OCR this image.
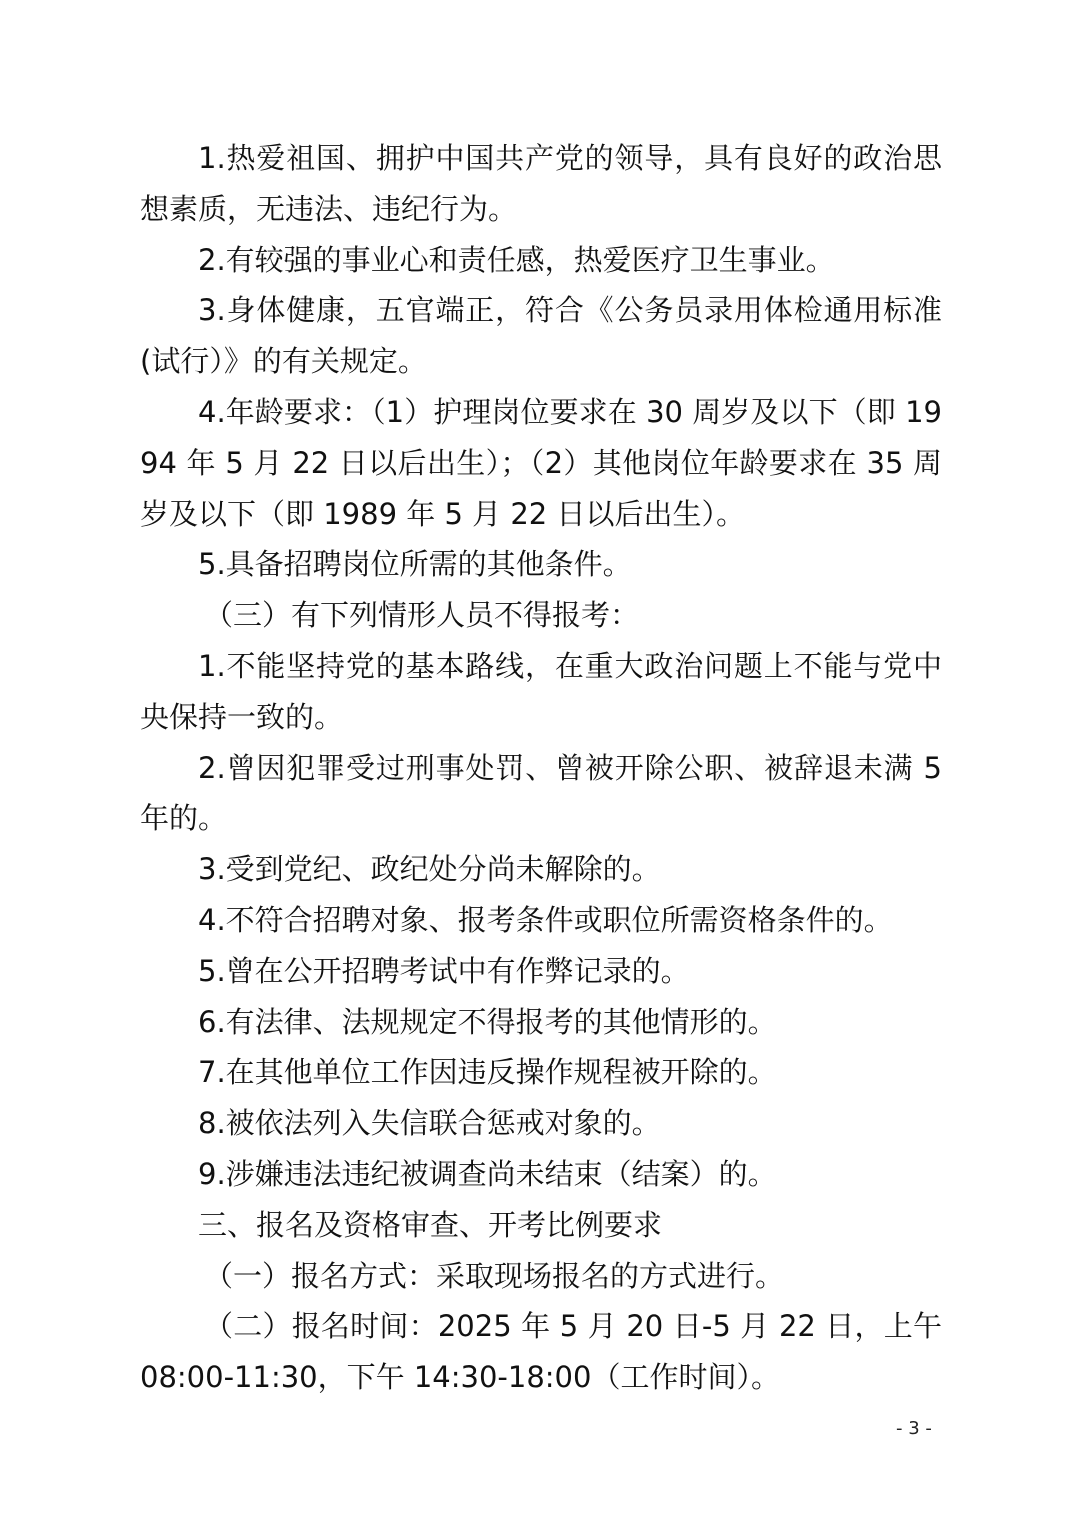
1.热爱祖国、拥护中国共产党的领导，具有良好的政治思想素质，无违法、违纪行为。

2.有较强的事业心和责任感，热爱医疗卫生事业。

3.身体健康，五官端正，符合《公务员录用体检通用标准(试行）》的有关规定。

4.年龄要求：（1）护理岗位要求在 30 周岁及以下（即 1994 年 5 月 22 日以后出生）；（2）其他岗位年龄要求在 35 周岁及以下（即 1989 年 5 月 22 日以后出生）。

5.具备招聘岗位所需的其他条件。

（三）有下列情形人员不得报考：

1.不能坚持党的基本路线，在重大政治问题上不能与党中央保持一致的。

2.曾因犯罪受过刑事处罚、曾被开除公职、被辞退未满 5 年的。

3.受到党纪、政纪处分尚未解除的。

4.不符合招聘对象、报考条件或职位所需资格条件的。

5.曾在公开招聘考试中有作弊记录的。

6.有法律、法规规定不得报考的其他情形的。

7.在其他单位工作因违反操作规程被开除的。

8.被依法列入失信联合惩戒对象的。

9.涉嫌违法违纪被调查尚未结束（结案）的。

三、报名及资格审查、开考比例要求

（一）报名方式：采取现场报名的方式进行。

（二）报名时间：2025 年 5 月 20 日-5 月 22 日，上午 08:00-11:30，下午 14:30-18:00（工作时间）。

- 3 -
